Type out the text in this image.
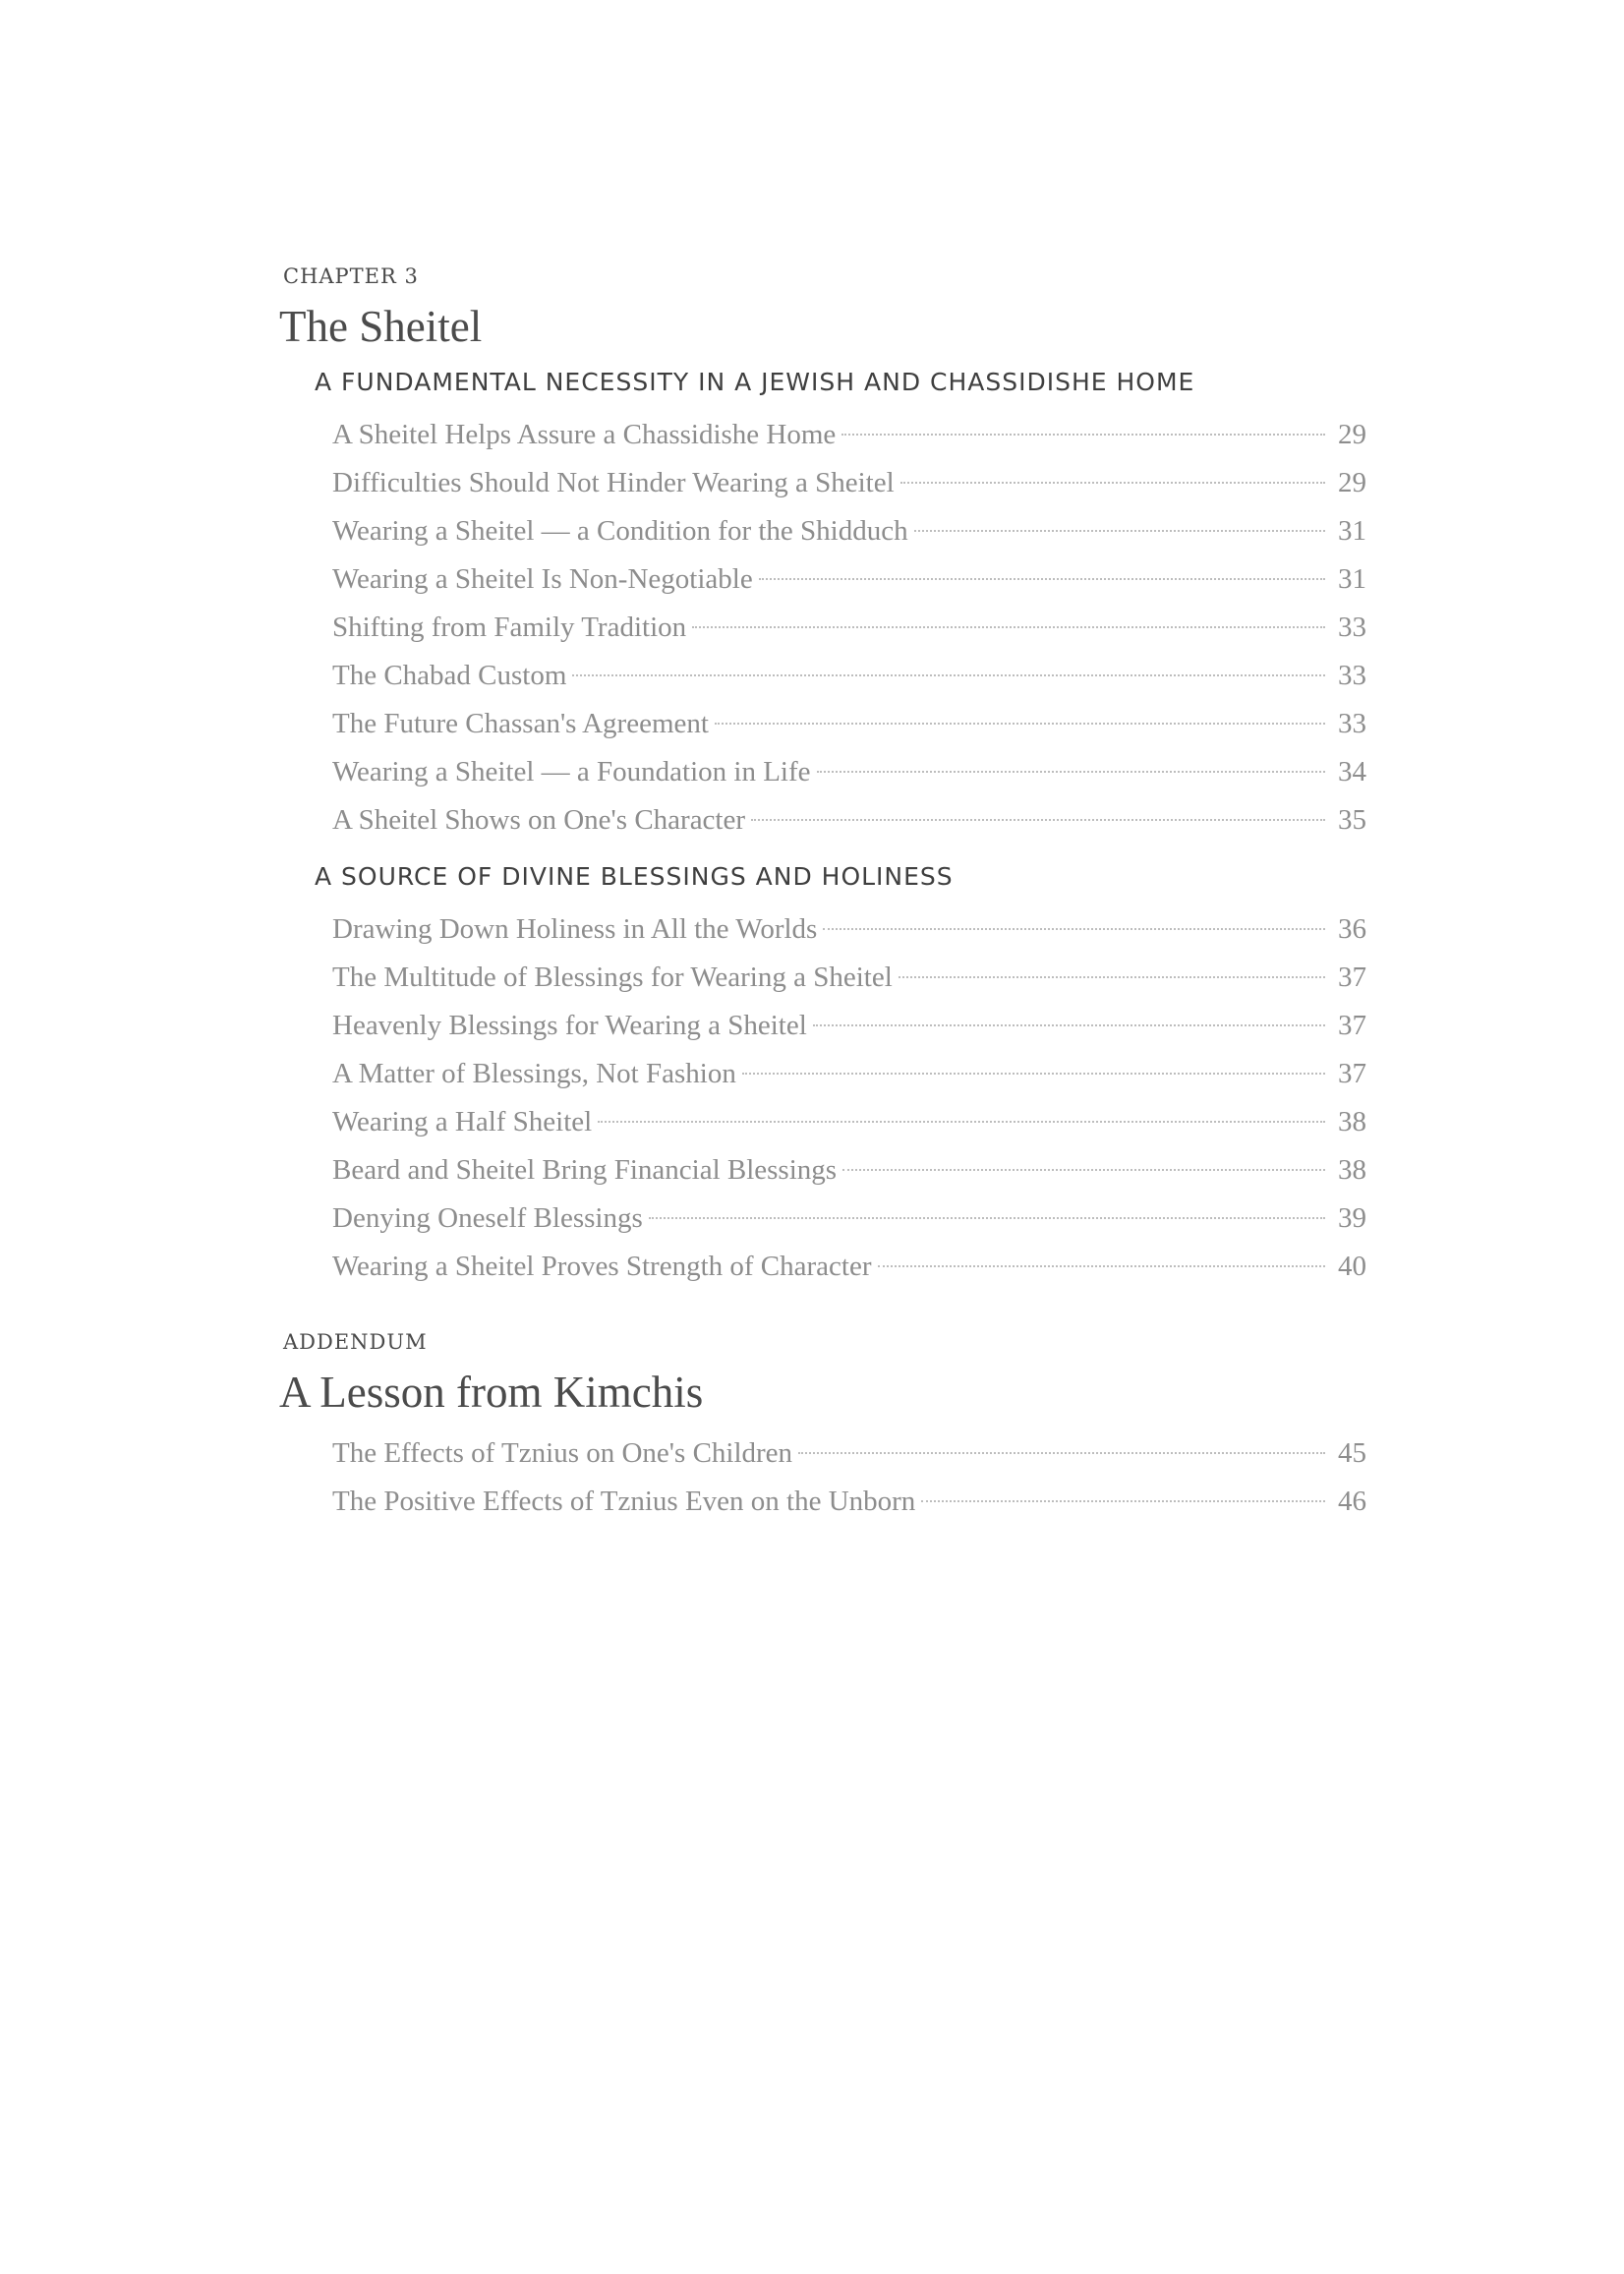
CHAPTER 3
The Sheitel
A FUNDAMENTAL NECESSITY IN A JEWISH AND CHASSIDISHE HOME
A Sheitel Helps Assure a Chassidishe Home	29
Difficulties Should Not Hinder Wearing a Sheitel	29
Wearing a Sheitel — a Condition for the Shidduch	31
Wearing a Sheitel Is Non-Negotiable	31
Shifting from Family Tradition	33
The Chabad Custom	33
The Future Chassan's Agreement	33
Wearing a Sheitel — a Foundation in Life	34
A Sheitel Shows on One's Character	35
A SOURCE OF DIVINE BLESSINGS AND HOLINESS
Drawing Down Holiness in All the Worlds	36
The Multitude of Blessings for Wearing a Sheitel	37
Heavenly Blessings for Wearing a Sheitel	37
A Matter of Blessings, Not Fashion	37
Wearing a Half Sheitel	38
Beard and Sheitel Bring Financial Blessings	38
Denying Oneself Blessings	39
Wearing a Sheitel Proves Strength of Character	40
ADDENDUM
A Lesson from Kimchis
The Effects of Tznius on One's Children	45
The Positive Effects of Tznius Even on the Unborn	46
